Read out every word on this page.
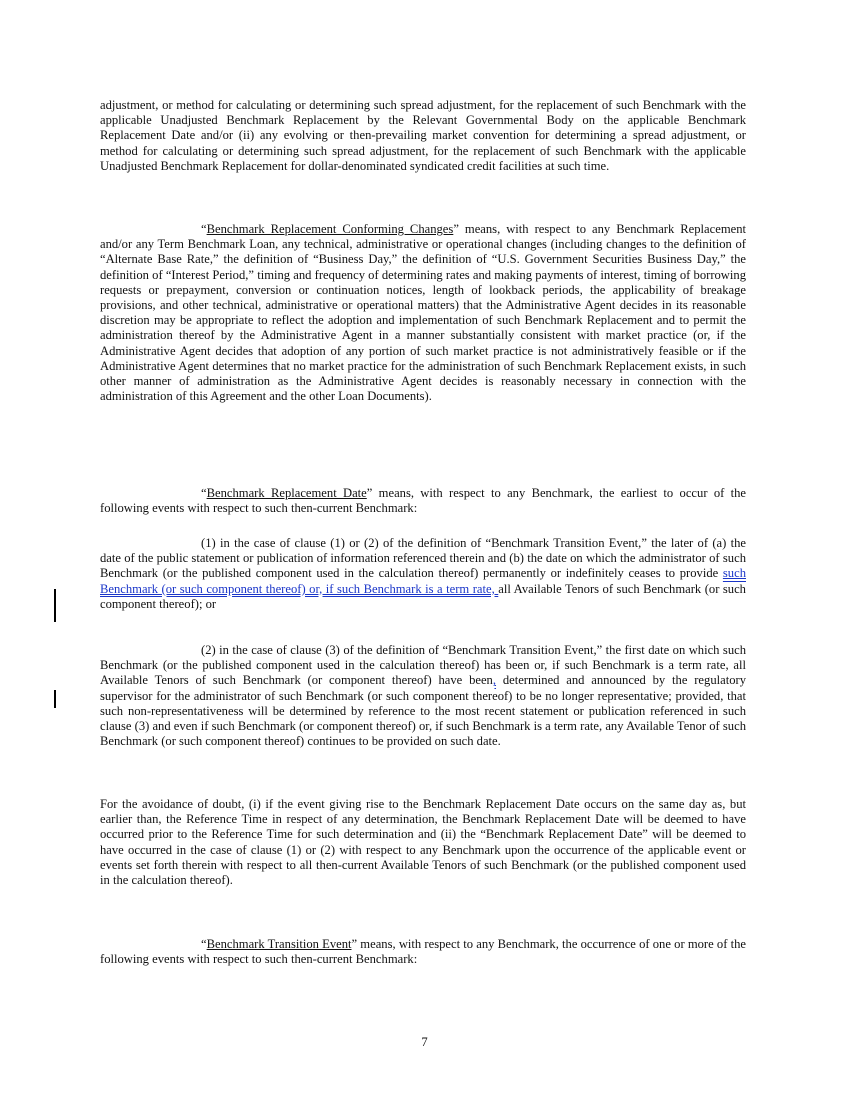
adjustment, or method for calculating or determining such spread adjustment, for the replacement of such Benchmark with the applicable Unadjusted Benchmark Replacement by the Relevant Governmental Body on the applicable Benchmark Replacement Date and/or (ii) any evolving or then-prevailing market convention for determining a spread adjustment, or method for calculating or determining such spread adjustment, for the replacement of such Benchmark with the applicable Unadjusted Benchmark Replacement for dollar-denominated syndicated credit facilities at such time.

“Benchmark Replacement Conforming Changes” means, with respect to any Benchmark Replacement and/or any Term Benchmark Loan, any technical, administrative or operational changes (including changes to the definition of “Alternate Base Rate,” the definition of “Business Day,” the definition of “U.S. Government Securities Business Day,” the definition of “Interest Period,” timing and frequency of determining rates and making payments of interest, timing of borrowing requests or prepayment, conversion or continuation notices, length of lookback periods, the applicability of breakage provisions, and other technical, administrative or operational matters) that the Administrative Agent decides in its reasonable discretion may be appropriate to reflect the adoption and implementation of such Benchmark Replacement and to permit the administration thereof by the Administrative Agent in a manner substantially consistent with market practice (or, if the Administrative Agent decides that adoption of any portion of such market practice is not administratively feasible or if the Administrative Agent determines that no market practice for the administration of such Benchmark Replacement exists, in such other manner of administration as the Administrative Agent decides is reasonably necessary in connection with the administration of this Agreement and the other Loan Documents).

“Benchmark Replacement Date” means, with respect to any Benchmark, the earliest to occur of the following events with respect to such then-current Benchmark:

(1) in the case of clause (1) or (2) of the definition of “Benchmark Transition Event,” the later of (a) the date of the public statement or publication of information referenced therein and (b) the date on which the administrator of such Benchmark (or the published component used in the calculation thereof) permanently or indefinitely ceases to provide such Benchmark (or such component thereof) or, if such Benchmark is a term rate, all Available Tenors of such Benchmark (or such component thereof); or

(2) in the case of clause (3) of the definition of “Benchmark Transition Event,” the first date on which such Benchmark (or the published component used in the calculation thereof) has been or, if such Benchmark is a term rate, all Available Tenors of such Benchmark (or component thereof) have been, determined and announced by the regulatory supervisor for the administrator of such Benchmark (or such component thereof) to be no longer representative; provided, that such non-representativeness will be determined by reference to the most recent statement or publication referenced in such clause (3) and even if such Benchmark (or component thereof) or, if such Benchmark is a term rate, any Available Tenor of such Benchmark (or such component thereof) continues to be provided on such date.

For the avoidance of doubt, (i) if the event giving rise to the Benchmark Replacement Date occurs on the same day as, but earlier than, the Reference Time in respect of any determination, the Benchmark Replacement Date will be deemed to have occurred prior to the Reference Time for such determination and (ii) the “Benchmark Replacement Date” will be deemed to have occurred in the case of clause (1) or (2) with respect to any Benchmark upon the occurrence of the applicable event or events set forth therein with respect to all then-current Available Tenors of such Benchmark (or the published component used in the calculation thereof).

“Benchmark Transition Event” means, with respect to any Benchmark, the occurrence of one or more of the following events with respect to such then-current Benchmark:

7
